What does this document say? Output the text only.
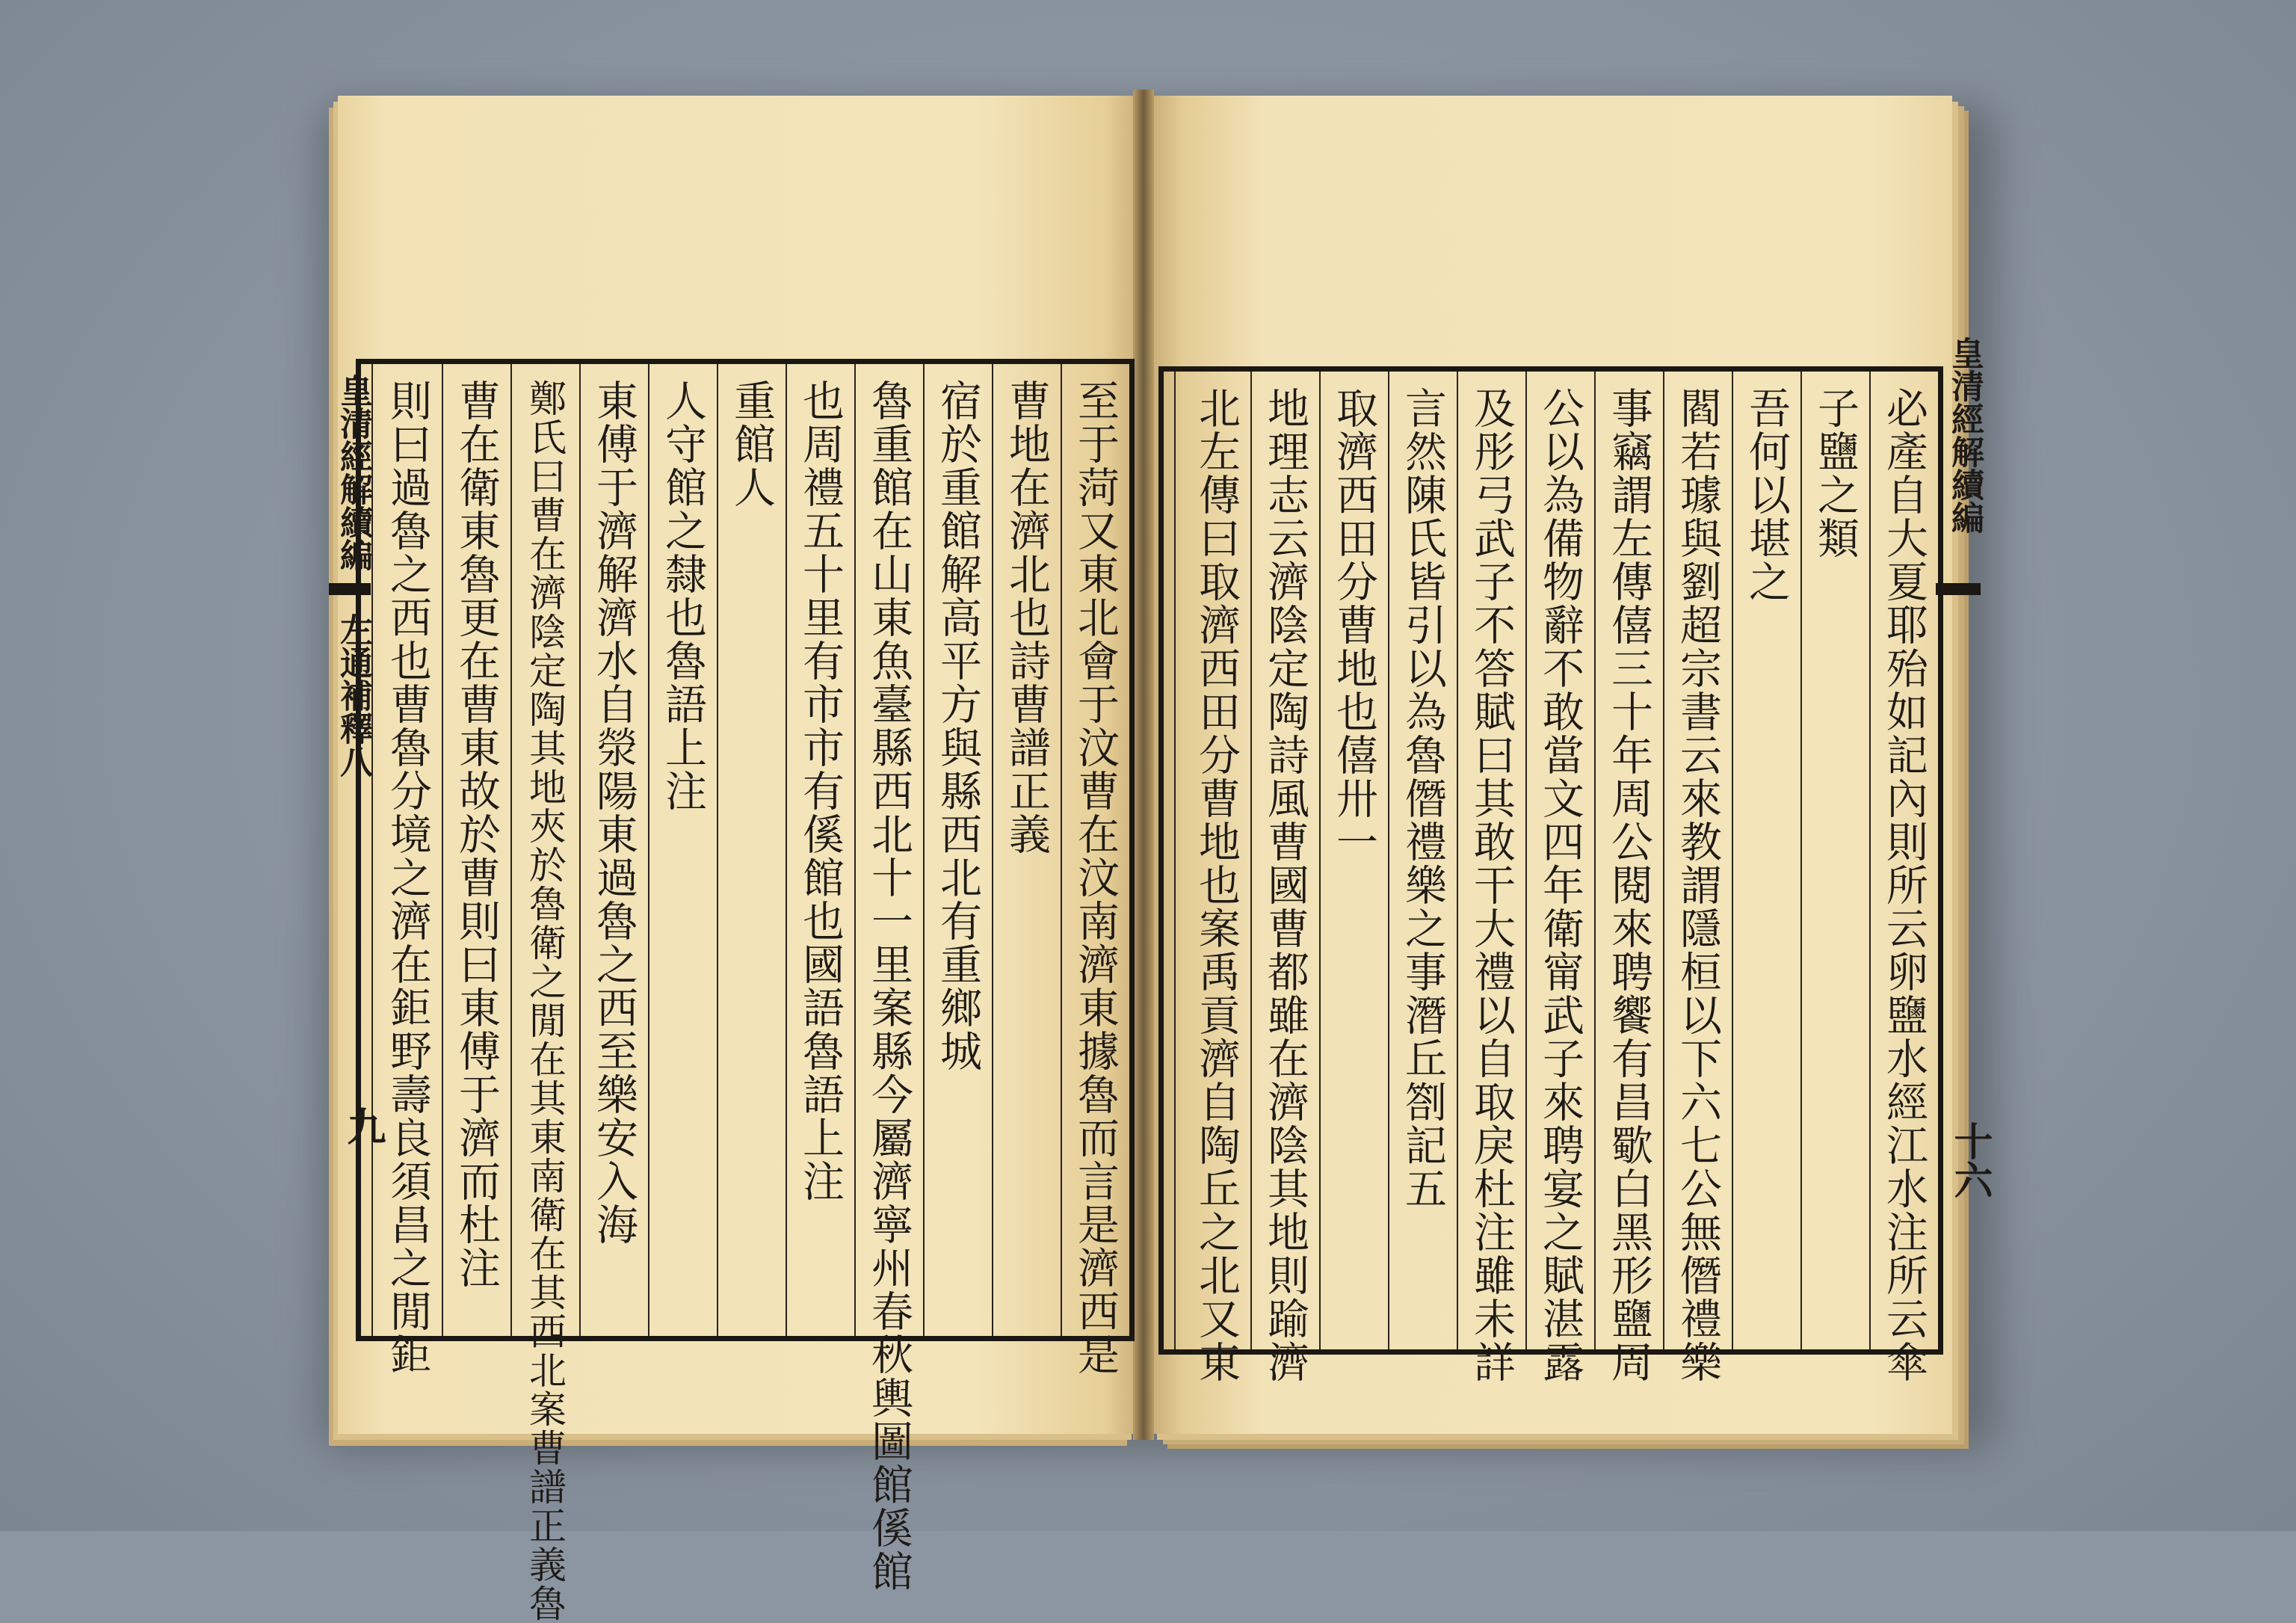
至于菏又東北會于汶曹在汶南濟東據魯而言是濟西是
曹地在濟北也詩曹譜正義
宿於重館解高平方與縣西北有重鄉城
魯重館在山東魚臺縣西北十一里案縣今屬濟寧州春秋輿圖館傒館
也周禮五十里有市市有傒館也國語魯語上注
重館人
人守館之隸也魯語上注
東傅于濟解濟水自滎陽東過魯之西至樂安入海
鄭氏曰曹在濟陰定陶其地夾於魯衛之閒在其東南衛在其西北案曹譜正義魯
曹在衛東魯更在曹東故於曹則曰東傅于濟而杜注
則曰過魯之西也曹魯分境之濟在鉅野壽良須昌之閒鉅
皇清經解續編
左通補釋八
九	必產自大夏耶殆如記內則所云卵鹽水經江水注所云傘
子鹽之類
吾何以堪之
閻若璩與劉超宗書云來教謂隱桓以下六七公無僭禮樂
事竊謂左傳僖三十年周公閱來聘饗有昌歜白黑形鹽周
公以為備物辭不敢當文四年衛甯武子來聘宴之賦湛露
及彤弓武子不答賦曰其敢干大禮以自取戾杜注雖未詳
言然陳氏皆引以為魯僭禮樂之事潛丘劄記五
取濟西田分曹地也僖卅一
地理志云濟陰定陶詩風曹國曹都雖在濟陰其地則踰濟
北左傳曰取濟西田分曹地也案禹貢濟自陶丘之北又東	皇清經解續編
十六
